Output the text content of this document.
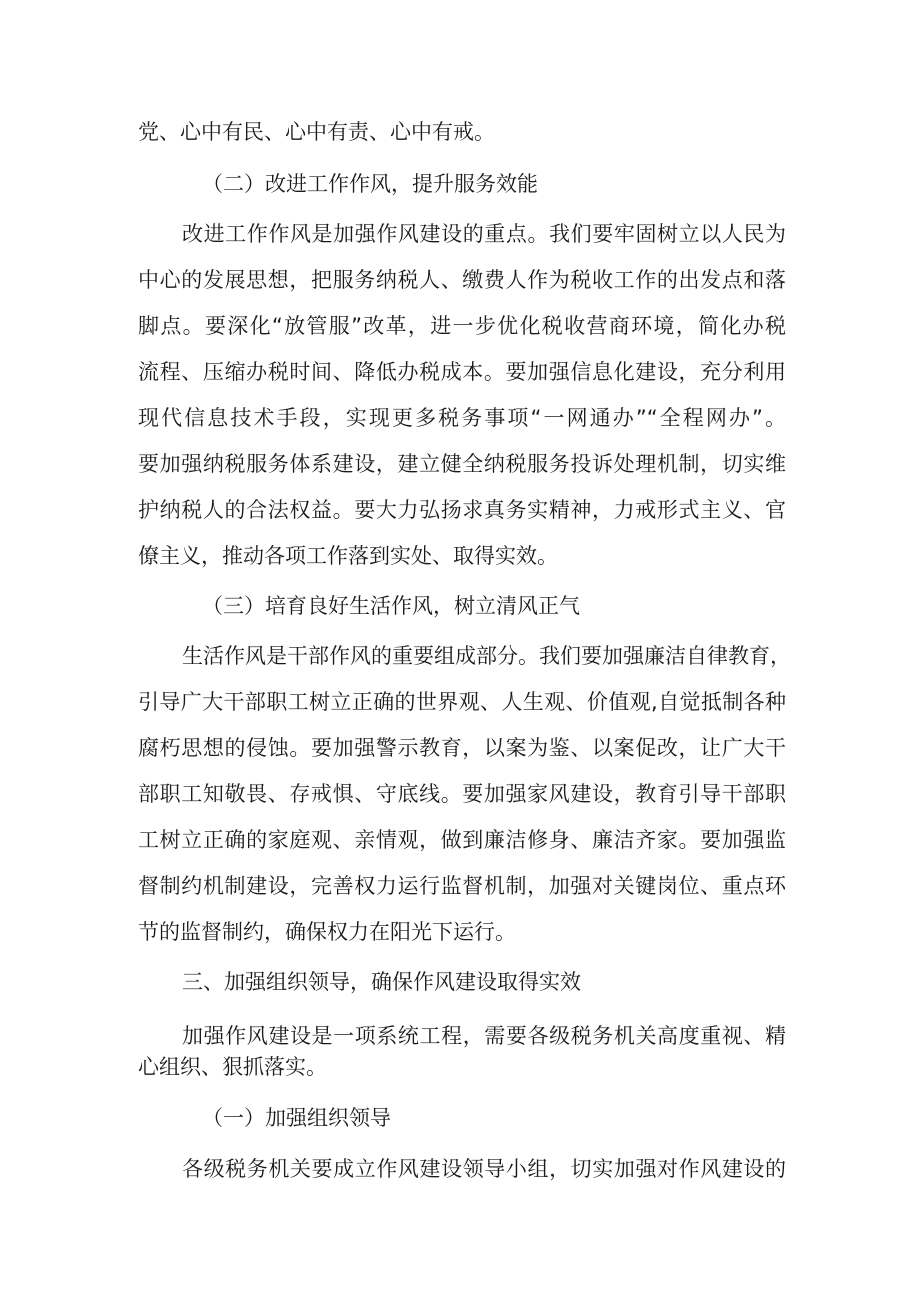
党、心中有民、心中有责、心中有戒。
（二）改进工作作风，提升服务效能
改进工作作风是加强作风建设的重点。我们要牢固树立以人民为
中心的发展思想，把服务纳税人、缴费人作为税收工作的出发点和落
脚点。要深化“放管服”改革，进一步优化税收营商环境，简化办税
流程、压缩办税时间、降低办税成本。要加强信息化建设，充分利用
现代信息技术手段，实现更多税务事项“一网通办”“全程网办”。
要加强纳税服务体系建设，建立健全纳税服务投诉处理机制，切实维
护纳税人的合法权益。要大力弘扬求真务实精神，力戒形式主义、官
僚主义，推动各项工作落到实处、取得实效。
（三）培育良好生活作风，树立清风正气
生活作风是干部作风的重要组成部分。我们要加强廉洁自律教育，
引导广大干部职工树立正确的世界观、人生观、价值观,自觉抵制各种
腐朽思想的侵蚀。要加强警示教育，以案为鉴、以案促改，让广大干
部职工知敬畏、存戒惧、守底线。要加强家风建设，教育引导干部职
工树立正确的家庭观、亲情观，做到廉洁修身、廉洁齐家。要加强监
督制约机制建设，完善权力运行监督机制，加强对关键岗位、重点环
节的监督制约，确保权力在阳光下运行。
三、加强组织领导，确保作风建设取得实效
加强作风建设是一项系统工程，需要各级税务机关高度重视、精
心组织、狠抓落实。
（一）加强组织领导
各级税务机关要成立作风建设领导小组，切实加强对作风建设的
